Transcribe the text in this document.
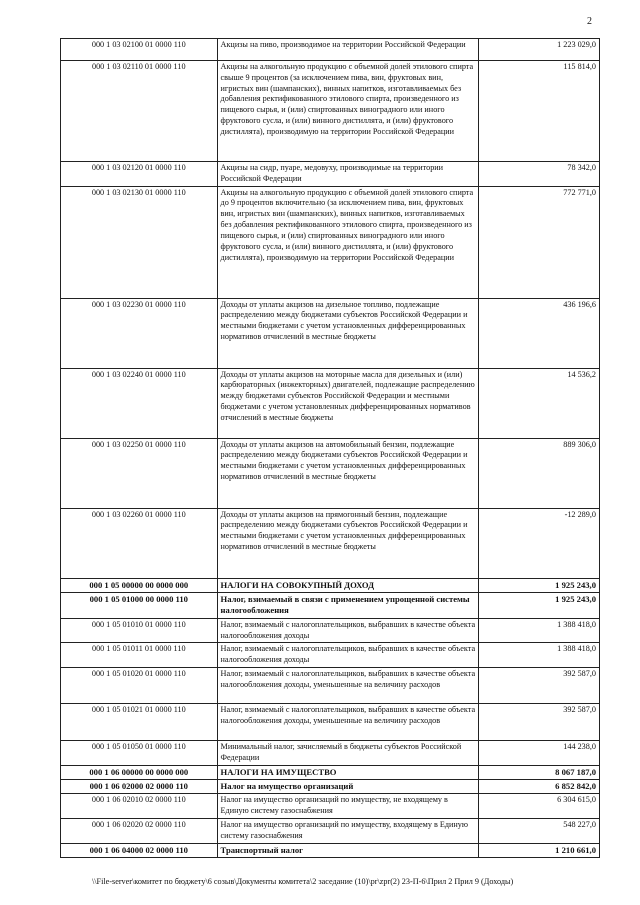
2
000 1 03 02100 01 0000 110	Акцизы на пиво, производимое на территории Российской Федерации	1 223 029,0
000 1 03 02110 01 0000 110	Акцизы на алкогольную продукцию с объемной долей этилового спирта свыше 9 процентов (за исключением пива, вин, фруктовых вин, игристых вин (шампанских), винных напитков, изготавливаемых без добавления ректификованного этилового спирта, произведенного из пищевого сырья, и (или) спиртованных виноградного или иного фруктового сусла, и (или) винного дистиллята, и (или) фруктового дистиллята), производимую на территории Российской Федерации	115 814,0
000 1 03 02120 01 0000 110	Акцизы на сидр, пуаре, медовуху, производимые на территории Российской Федерации	78 342,0
000 1 03 02130 01 0000 110	Акцизы на алкогольную продукцию с объемной долей этилового спирта до 9 процентов включительно (за исключением пива, вин, фруктовых вин, игристых вин (шампанских), винных напитков, изготавливаемых без добавления ректификованного этилового спирта, произведенного из пищевого сырья, и (или) спиртованных виноградного или иного фруктового сусла, и (или) винного дистиллята, и (или) фруктового дистиллята), производимую на территории Российской Федерации	772 771,0
000 1 03 02230 01 0000 110	Доходы от уплаты акцизов на дизельное топливо, подлежащие распределению между бюджетами субъектов Российской Федерации и местными бюджетами с учетом установленных дифференцированных нормативов отчислений в местные бюджеты	436 196,6
000 1 03 02240 01 0000 110	Доходы от уплаты акцизов на моторные масла для дизельных и (или) карбюраторных (инжекторных) двигателей, подлежащие распределению между бюджетами субъектов Российской Федерации и местными бюджетами с учетом установленных дифференцированных нормативов отчислений в местные бюджеты	14 536,2
000 1 03 02250 01 0000 110	Доходы от уплаты акцизов на автомобильный бензин, подлежащие распределению между бюджетами субъектов Российской Федерации и местными бюджетами с учетом установленных дифференцированных нормативов отчислений в местные бюджеты	889 306,0
000 1 03 02260 01 0000 110	Доходы от уплаты акцизов на прямогонный бензин, подлежащие распределению между бюджетами субъектов Российской Федерации и местными бюджетами с учетом установленных дифференцированных нормативов отчислений в местные бюджеты	-12 289,0
000 1 05 00000 00 0000 000	НАЛОГИ НА СОВОКУПНЫЙ ДОХОД	1 925 243,0
000 1 05 01000 00 0000 110	Налог, взимаемый в связи с применением упрощенной системы налогообложения	1 925 243,0
000 1 05 01010 01 0000 110	Налог, взимаемый с налогоплательщиков, выбравших в качестве объекта налогообложения доходы	1 388 418,0
000 1 05 01011 01 0000 110	Налог, взимаемый с налогоплательщиков, выбравших в качестве объекта налогообложения доходы	1 388 418,0
000 1 05 01020 01 0000 110	Налог, взимаемый с налогоплательщиков, выбравших в качестве объекта налогообложения доходы, уменьшенные на величину расходов	392 587,0
000 1 05 01021 01 0000 110	Налог, взимаемый с налогоплательщиков, выбравших в качестве объекта налогообложения доходы, уменьшенные на величину расходов	392 587,0
000 1 05 01050 01 0000 110	Минимальный налог, зачисляемый в бюджеты субъектов Российской Федерации	144 238,0
000 1 06 00000 00 0000 000	НАЛОГИ НА ИМУЩЕСТВО	8 067 187,0
000 1 06 02000 02 0000 110	Налог на имущество организаций	6 852 842,0
000 1 06 02010 02 0000 110	Налог на имущество организаций по имуществу, не входящему в Единую систему газоснабжения	6 304 615,0
000 1 06 02020 02 0000 110	Налог на имущество организаций по имуществу, входящему в Единую систему газоснабжения	548 227,0
000 1 06 04000 02 0000 110	Транспортный налог	1 210 661,0
\\File-server\комитет по бюджету\6 созыв\Документы комитета\2 заседание (10)\pr\zpr(2) 23-П-6\Прил 2 Прил 9 (Доходы)
